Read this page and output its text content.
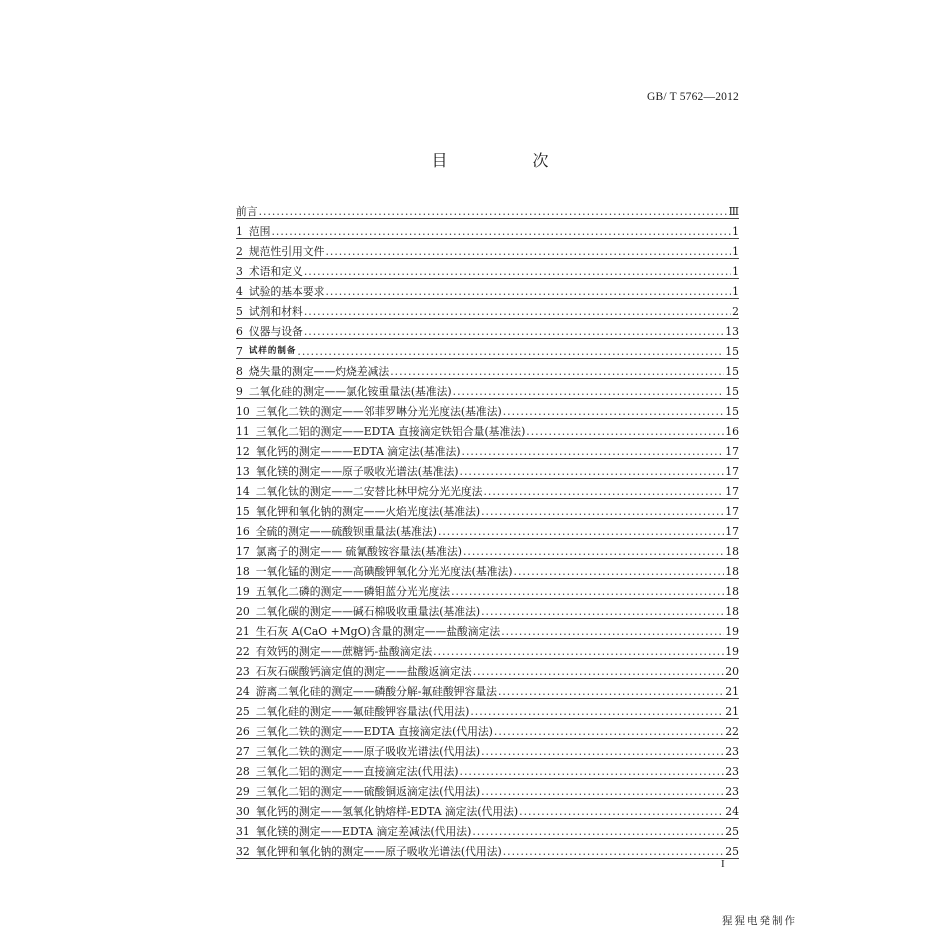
GB/ T 5762—2012
目 次
前言 .....	Ⅲ
1 范围 .....	1
2 规范性引用文件 .....	1
3 术语和定义 .....	1
4 试验的基本要求 .....	1
5 试剂和材料 .....	2
6 仪器与设备 .....	13
7 试样的制备 .....	15
8 烧失量的测定——灼烧差减法 .....	15
9 二氧化硅的测定——氯化铵重量法(基准法) .....	15
10 三氧化二铁的测定——邻菲罗啉分光光度法(基准法) .....	15
11 三氧化二铝的测定——EDTA 直接滴定铁铝合量(基准法) .....	16
12 氧化钙的测定———EDTA 滴定法(基准法) .....	17
13 氧化镁的测定——原子吸收光谱法(基准法) .....	17
14 二氧化钛的测定——二安替比林甲烷分光光度法 .....	17
15 氧化钾和氧化钠的测定——火焰光度法(基准法) .....	17
16 全硫的测定——硫酸钡重量法(基准法) .....	17
17 氯离子的测定—— 硫氰酸铵容量法(基准法) .....	18
18 一氧化锰的测定——高碘酸钾氧化分光光度法(基准法) .....	18
19 五氧化二磷的测定——磷钼蓝分光光度法 .....	18
20 二氧化碳的测定——碱石棉吸收重量法(基准法) .....	18
21 生石灰 A(CaO +MgO)含量的测定——盐酸滴定法 .....	19
22 有效钙的测定——蔗糖钙-盐酸滴定法 .....	19
23 石灰石碳酸钙滴定值的测定——盐酸返滴定法 .....	20
24 游离二氧化硅的测定——磷酸分解-氟硅酸钾容量法 .....	21
25 二氧化硅的测定——氟硅酸钾容量法(代用法) .....	21
26 三氧化二铁的测定——EDTA 直接滴定法(代用法) .....	22
27 三氧化二铁的测定——原子吸收光谱法(代用法) .....	23
28 三氧化二铝的测定——直接滴定法(代用法) .....	23
29 三氧化二铝的测定——硫酸铜返滴定法(代用法) .....	23
30 氧化钙的测定——氢氧化钠熔样-EDTA 滴定法(代用法) .....	24
31 氧化镁的测定——EDTA 滴定差减法(代用法) .....	25
32 氧化钾和氧化钠的测定——原子吸收光谱法(代用法) .....	25
I
猩猩电発制作
